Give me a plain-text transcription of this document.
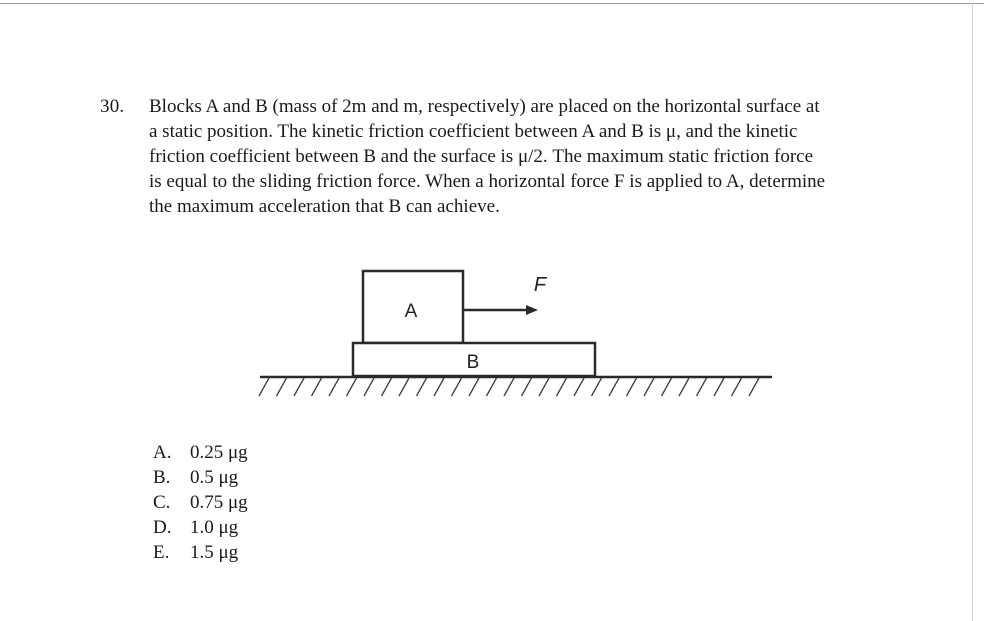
30. Blocks A and B (mass of 2m and m, respectively) are placed on the horizontal surface at
a static position. The kinetic friction coefficient between A and B is μ, and the kinetic
friction coefficient between B and the surface is μ/2. The maximum static friction force
is equal to the sliding friction force. When a horizontal force F is applied to A, determine
the maximum acceleration that B can achieve.

A
F
B
A. 0.25 μg
B.	0.5 μg
C.	0.75 μg
D. 1.0 μg
E.	1.5 μg
